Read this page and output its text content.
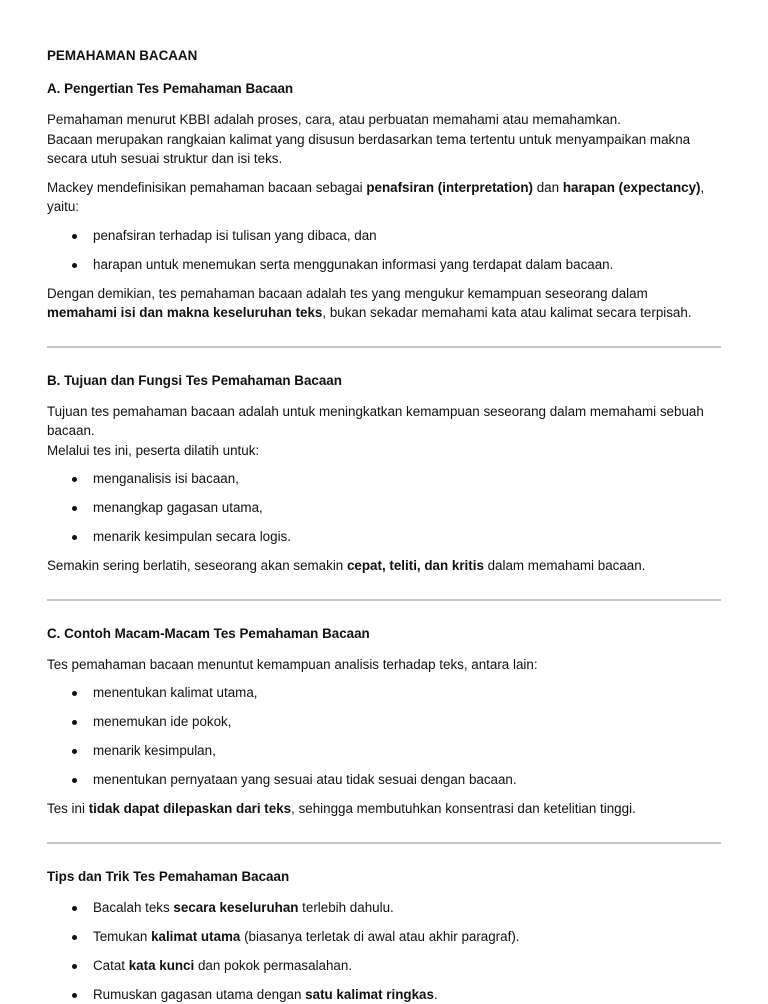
PEMAHAMAN BACAAN
A. Pengertian Tes Pemahaman Bacaan

Pemahaman menurut KBBI adalah proses, cara, atau perbuatan memahami atau memahamkan.
Bacaan merupakan rangkaian kalimat yang disusun berdasarkan tema tertentu untuk menyampaikan makna secara utuh sesuai struktur dan isi teks.

Mackey mendefinisikan pemahaman bacaan sebagai penafsiran (interpretation) dan harapan (expectancy), yaitu:

penafsiran terhadap isi tulisan yang dibaca, dan
harapan untuk menemukan serta menggunakan informasi yang terdapat dalam bacaan.

Dengan demikian, tes pemahaman bacaan adalah tes yang mengukur kemampuan seseorang dalam memahami isi dan makna keseluruhan teks, bukan sekadar memahami kata atau kalimat secara terpisah.

B. Tujuan dan Fungsi Tes Pemahaman Bacaan

Tujuan tes pemahaman bacaan adalah untuk meningkatkan kemampuan seseorang dalam memahami sebuah bacaan.
Melalui tes ini, peserta dilatih untuk:

menganalisis isi bacaan,
menangkap gagasan utama,
menarik kesimpulan secara logis.

Semakin sering berlatih, seseorang akan semakin cepat, teliti, dan kritis dalam memahami bacaan.

C. Contoh Macam-Macam Tes Pemahaman Bacaan

Tes pemahaman bacaan menuntut kemampuan analisis terhadap teks, antara lain:

menentukan kalimat utama,
menemukan ide pokok,
menarik kesimpulan,
menentukan pernyataan yang sesuai atau tidak sesuai dengan bacaan.

Tes ini tidak dapat dilepaskan dari teks, sehingga membutuhkan konsentrasi dan ketelitian tinggi.

Tips dan Trik Tes Pemahaman Bacaan
Bacalah teks secara keseluruhan terlebih dahulu.
Temukan kalimat utama (biasanya terletak di awal atau akhir paragraf).
Catat kata kunci dan pokok permasalahan.
Rumuskan gagasan utama dengan satu kalimat ringkas.
